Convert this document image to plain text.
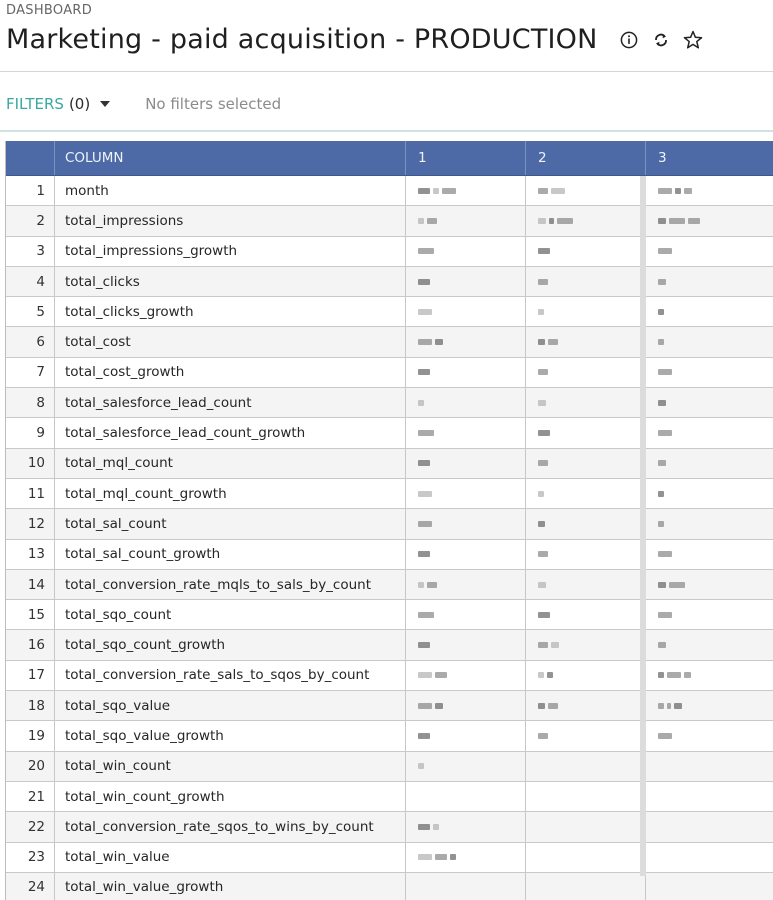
DASHBOARD
Marketing - paid acquisition - PRODUCTION
FILTERS (0)	No filters selected
COLUMN	1	2	3
1	month
2	total_impressions
3	total_impressions_growth
4	total_clicks
5	total_clicks_growth
6	total_cost
7	total_cost_growth
8	total_salesforce_lead_count
9	total_salesforce_lead_count_growth
10	total_mql_count
11	total_mql_count_growth
12	total_sal_count
13	total_sal_count_growth
14	total_conversion_rate_mqls_to_sals_by_count
15	total_sqo_count
16	total_sqo_count_growth
17	total_conversion_rate_sals_to_sqos_by_count
18	total_sqo_value
19	total_sqo_value_growth
20	total_win_count
21	total_win_count_growth
22	total_conversion_rate_sqos_to_wins_by_count
23	total_win_value
24	total_win_value_growth
